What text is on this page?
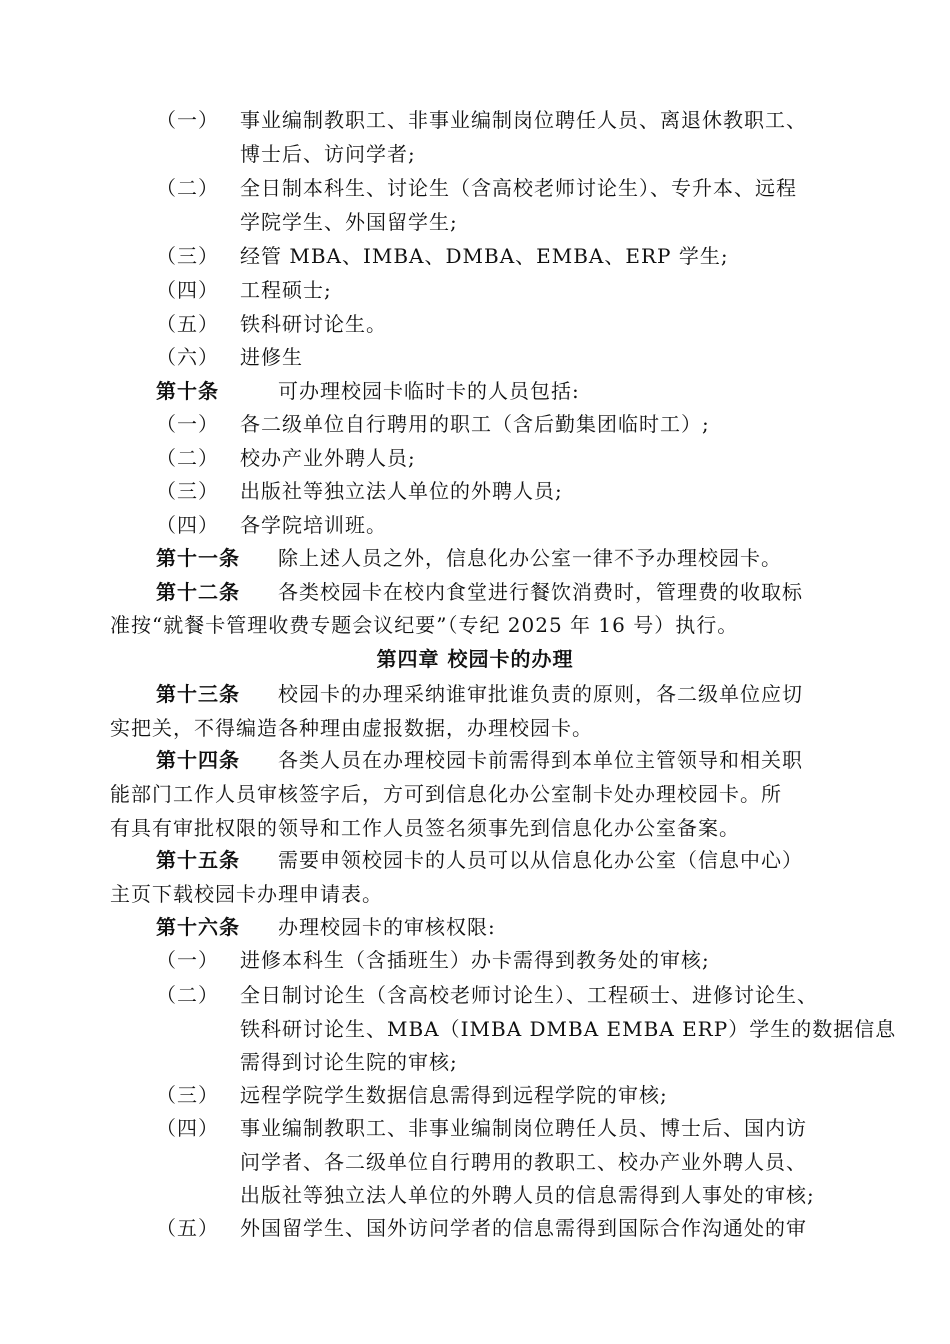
（一） 事业编制教职工、非事业编制岗位聘任人员、离退休教职工、
博士后、访问学者;
（二） 全日制本科生、讨论生（含高校老师讨论生）、专升本、远程
学院学生、外国留学生;
（三） 经管 MBA、IMBA、DMBA、EMBA、ERP 学生;
（四） 工程硕士;
（五） 铁科研讨论生。
（六） 进修生
第十条	可办理校园卡临时卡的人员包括:
（一） 各二级单位自行聘用的职工（含后勤集团临时工）;
（二） 校办产业外聘人员;
（三） 出版社等独立法人单位的外聘人员;
（四） 各学院培训班。
第十一条 除上述人员之外，信息化办公室一律不予办理校园卡。
第十二条 各类校园卡在校内食堂进行餐饮消费时，管理费的收取标
准按“就餐卡管理收费专题会议纪要”（专纪 2025 年 16 号）执行。
第四章 校园卡的办理
第十三条 校园卡的办理采纳谁审批谁负责的原则，各二级单位应切
实把关，不得编造各种理由虚报数据，办理校园卡。
第十四条 各类人员在办理校园卡前需得到本单位主管领导和相关职
能部门工作人员审核签字后，方可到信息化办公室制卡处办理校园卡。所
有具有审批权限的领导和工作人员签名须事先到信息化办公室备案。
第十五条 需要申领校园卡的人员可以从信息化办公室（信息中心）
主页下载校园卡办理申请表。
第十六条 办理校园卡的审核权限:
（一） 进修本科生（含插班生）办卡需得到教务处的审核;
（二） 全日制讨论生（含高校老师讨论生）、工程硕士、进修讨论生、
铁科研讨论生、MBA（IMBA DMBA EMBA ERP）学生的数据信息
需得到讨论生院的审核;
（三） 远程学院学生数据信息需得到远程学院的审核;
（四） 事业编制教职工、非事业编制岗位聘任人员、博士后、国内访
问学者、各二级单位自行聘用的教职工、校办产业外聘人员、
出版社等独立法人单位的外聘人员的信息需得到人事处的审核;
（五） 外国留学生、国外访问学者的信息需得到国际合作沟通处的审
